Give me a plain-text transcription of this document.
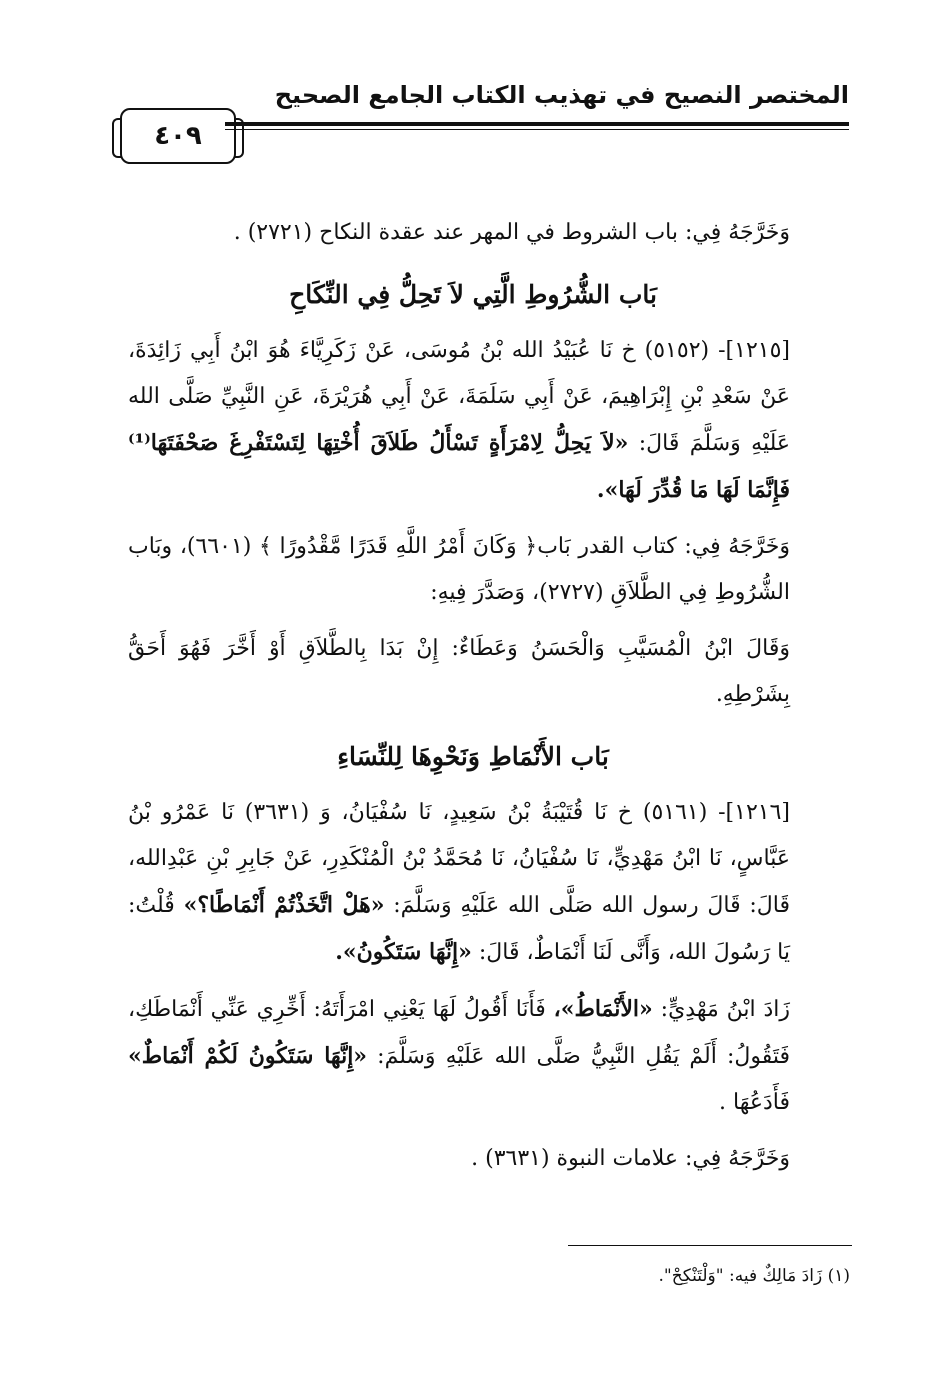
المختصر النصيح في تهذيب الكتاب الجامع الصحيح
٤٠٩

وَخَرَّجَهُ فِي: باب الشروط في المهر عند عقدة النكاح (٢٧٢١) .

بَاب الشُّرُوطِ الَّتِي لاَ تَحِلُّ فِي النِّكَاحِ

[١٢١٥]- (٥١٥٢) خ نَا عُبَيْدُ الله بْنُ مُوسَى، عَنْ زَكَرِيَّاءَ هُوَ ابْنُ أَبِي زَائِدَةَ، عَنْ سَعْدِ بْنِ إِبْرَاهِيمَ، عَنْ أَبِي سَلَمَةَ، عَنْ أَبِي هُرَيْرَةَ، عَنِ النَّبِيِّ صَلَّى الله عَلَيْهِ وَسَلَّمَ قَالَ: «لاَ يَحِلُّ لِامْرَأَةٍ تَسْأَلُ طَلاَقَ أُخْتِهَا لِتَسْتَفْرِغَ صَحْفَتَهَا⁽¹⁾ فَإِنَّمَا لَهَا مَا قُدِّرَ لَهَا».

وَخَرَّجَهُ فِي: كتاب القدر بَاب﴿ وَكَانَ أَمْرُ اللَّهِ قَدَرًا مَّقْدُورًا ﴾ (٦٦٠١)، وبَاب الشُّرُوطِ فِي الطَّلاَقِ (٢٧٢٧)، وَصَدَّرَ فِيهِ:

وَقَالَ ابْنُ الْمُسَيَّبِ وَالْحَسَنُ وَعَطَاءٌ: إِنْ بَدَا بِالطَّلاَقِ أَوْ أَخَّرَ فَهُوَ أَحَقُّ بِشَرْطِهِ.

بَاب الأَنْمَاطِ وَنَحْوِهَا لِلنِّسَاءِ

[١٢١٦]- (٥١٦١) خ نَا قُتَيْبَةُ بْنُ سَعِيدٍ، نَا سُفْيَانُ، وَ (٣٦٣١) نَا عَمْرُو بْنُ عَبَّاسٍ، نَا ابْنُ مَهْدِيٍّ، نَا سُفْيَانُ، نَا مُحَمَّدُ بْنُ الْمُنْكَدِرِ، عَنْ جَابِرِ بْنِ عَبْدِالله، قَالَ: قَالَ رسول الله صَلَّى الله عَلَيْهِ وَسَلَّمَ: «هَلْ اتَّخَذْتُمْ أَنْمَاطًا؟» قُلْتُ: يَا رَسُولَ الله، وَأَنَّى لَنَا أَنْمَاطٌ، قَالَ: «إِنَّهَا سَتَكُونُ».

زَادَ ابْنُ مَهْدِيٍّ: «الأَنْمَاطُ»، فَأَنَا أَقُولُ لَهَا يَعْنِي امْرَأَتَهُ: أَخِّرِي عَنِّي أَنْمَاطَكِ، فَتَقُولُ: أَلَمْ يَقُلِ النَّبِيُّ صَلَّى الله عَلَيْهِ وَسَلَّمَ: «إِنَّهَا سَتَكُونُ لَكُمْ أَنْمَاطٌ» فَأَدَعُهَا .

وَخَرَّجَهُ فِي: علامات النبوة (٣٦٣١) .

(١) زَادَ مَالِكٌ فيه: "وَلْتَنْكِحْ".
